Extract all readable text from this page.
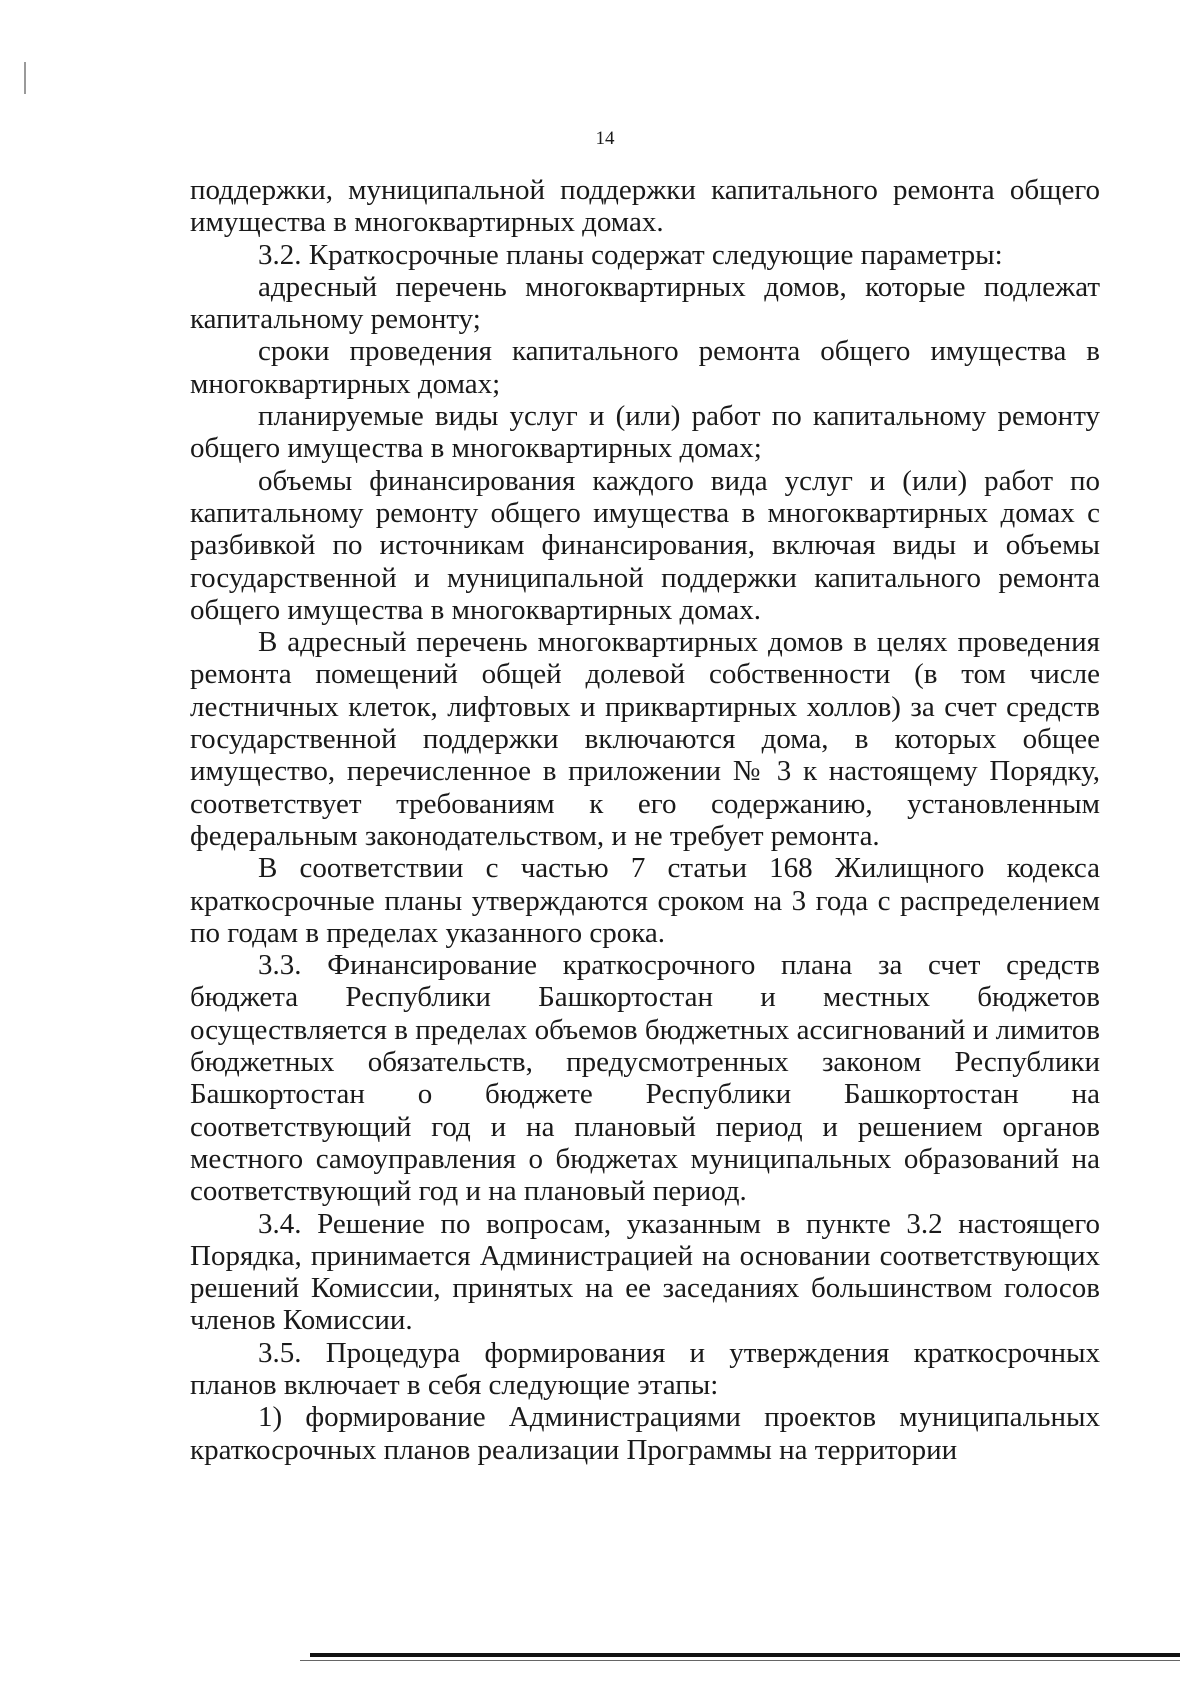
14

поддержки, муниципальной поддержки капитального ремонта общего имущества в многоквартирных домах.

3.2. Краткосрочные планы содержат следующие параметры:

адресный перечень многоквартирных домов, которые подлежат капитальному ремонту;

сроки проведения капитального ремонта общего имущества в многоквартирных домах;

планируемые виды услуг и (или) работ по капитальному ремонту общего имущества в многоквартирных домах;

объемы финансирования каждого вида услуг и (или) работ по капитальному ремонту общего имущества в многоквартирных домах с разбивкой по источникам финансирования, включая виды и объемы государственной и муниципальной поддержки капитального ремонта общего имущества в многоквартирных домах.

В адресный перечень многоквартирных домов в целях проведения ремонта помещений общей долевой собственности (в том числе лестничных клеток, лифтовых и приквартирных холлов) за счет средств государственной поддержки включаются дома, в которых общее имущество, перечисленное в приложении № 3 к настоящему Порядку, соответствует требованиям к его содержанию, установленным федеральным законодательством, и не требует ремонта.

В соответствии с частью 7 статьи 168 Жилищного кодекса краткосрочные планы утверждаются сроком на 3 года с распределением по годам в пределах указанного срока.

3.3. Финансирование краткосрочного плана за счет средств бюджета Республики Башкортостан и местных бюджетов осуществляется в пределах объемов бюджетных ассигнований и лимитов бюджетных обязательств, предусмотренных законом Республики Башкортостан о бюджете Республики Башкортостан на соответствующий год и на плановый период и решением органов местного самоуправления о бюджетах муниципальных образований на соответствующий год и на плановый период.

3.4. Решение по вопросам, указанным в пункте 3.2 настоящего Порядка, принимается Администрацией на основании соответствующих решений Комиссии, принятых на ее заседаниях большинством голосов членов Комиссии.

3.5. Процедура формирования и утверждения краткосрочных планов включает в себя следующие этапы:

1) формирование Администрациями проектов муниципальных краткосрочных планов реализации Программы на территории
